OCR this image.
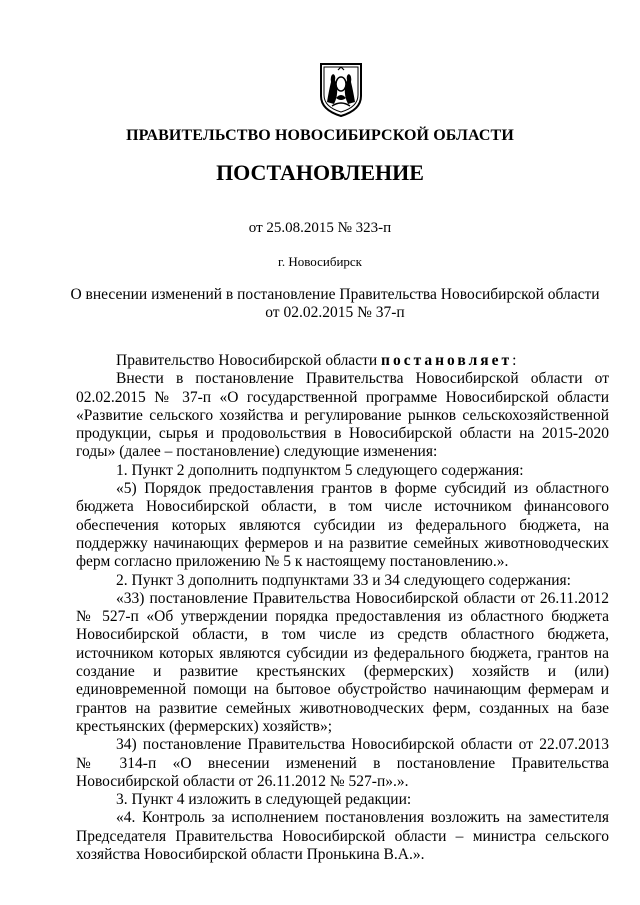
ПРАВИТЕЛЬСТВО НОВОСИБИРСКОЙ ОБЛАСТИ
ПОСТАНОВЛЕНИЕ
от 25.08.2015 № 323-п
г. Новосибирск
О внесении изменений в постановление Правительства Новосибирской области
от 02.02.2015 № 37-п

Правительство Новосибирской области постановляет:

Внести в постановление Правительства Новосибирской области от 02.02.2015 № 37-п «О государственной программе Новосибирской области «Развитие сельского хозяйства и регулирование рынков сельскохозяйственной продукции, сырья и продовольствия в Новосибирской области на 2015-2020 годы» (далее – постановление) следующие изменения:

1. Пункт 2 дополнить подпунктом 5 следующего содержания:

«5) Порядок предоставления грантов в форме субсидий из областного бюджета Новосибирской области, в том числе источником финансового обеспечения которых являются субсидии из федерального бюджета, на поддержку начинающих фермеров и на развитие семейных животноводческих ферм согласно приложению № 5 к настоящему постановлению.».

2. Пункт 3 дополнить подпунктами 33 и 34 следующего содержания:

«33) постановление Правительства Новосибирской области от 26.11.2012 № 527-п «Об утверждении порядка предоставления из областного бюджета Новосибирской области, в том числе из средств областного бюджета, источником которых являются субсидии из федерального бюджета, грантов на создание и развитие крестьянских (фермерских) хозяйств и (или) единовременной помощи на бытовое обустройство начинающим фермерам и грантов на развитие семейных животноводческих ферм, созданных на базе крестьянских (фермерских) хозяйств»;

34) постановление Правительства Новосибирской области от 22.07.2013 № 314-п «О внесении изменений в постановление Правительства Новосибирской области от 26.11.2012 № 527-п».».

3. Пункт 4 изложить в следующей редакции:

«4. Контроль за исполнением постановления возложить на заместителя Председателя Правительства Новосибирской области – министра сельского хозяйства Новосибирской области Пронькина В.А.».
